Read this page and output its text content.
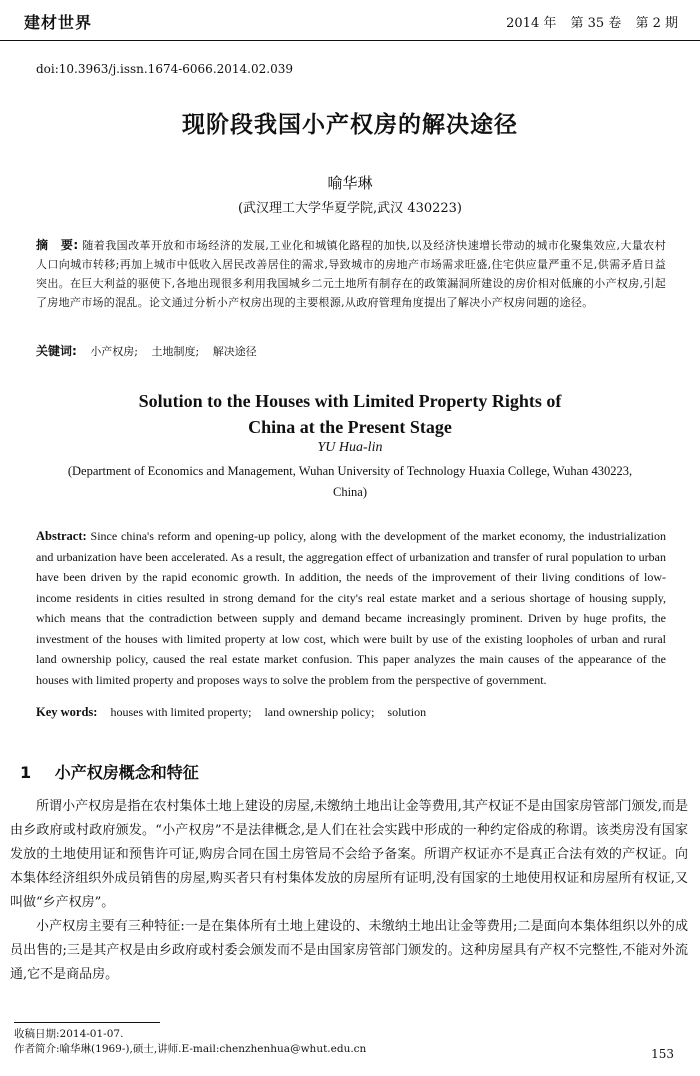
建材世界	2014 年 第 35 卷 第 2 期
doi:10.3963/j.issn.1674-6066.2014.02.039
现阶段我国小产权房的解决途径
喻华琳
(武汉理工大学华夏学院,武汉 430223)
摘　要: 随着我国改革开放和市场经济的发展,工业化和城镇化路程的加快,以及经济快速增长带动的城市化聚集效应,大量农村人口向城市转移;再加上城市中低收入居民改善居住的需求,导致城市的房地产市场需求旺盛,住宅供应量严重不足,供需矛盾日益突出。在巨大利益的驱使下,各地出现很多利用我国城乡二元土地所有制存在的政策漏洞所建设的房价相对低廉的小产权房,引起了房地产市场的混乱。论文通过分析小产权房出现的主要根源,从政府管理角度提出了解决小产权房问题的途径。
关键词: 小产权房; 土地制度; 解决途径
Solution to the Houses with Limited Property Rights of
China at the Present Stage
YU Hua-lin
(Department of Economics and Management, Wuhan University of Technology Huaxia College, Wuhan 430223, China)
Abstract: Since china's reform and opening-up policy, along with the development of the market economy, the industrialization and urbanization have been accelerated. As a result, the aggregation effect of urbanization and transfer of rural population to urban have been driven by the rapid economic growth. In addition, the needs of the improvement of their living conditions of low-income residents in cities resulted in strong demand for the city's real estate market and a serious shortage of housing supply, which means that the contradiction between supply and demand became increasingly prominent. Driven by huge profits, the investment of the houses with limited property at low cost, which were built by use of the existing loopholes of urban and rural land ownership policy, caused the real estate market confusion. This paper analyzes the main causes of the appearance of the houses with limited property and proposes ways to solve the problem from the perspective of government.
Key words: houses with limited property; land ownership policy; solution
1 小产权房概念和特征

所谓小产权房是指在农村集体土地上建设的房屋,未缴纳土地出让金等费用,其产权证不是由国家房管部门颁发,而是由乡政府或村政府颁发。“小产权房”不是法律概念,是人们在社会实践中形成的一种约定俗成的称谓。该类房没有国家发放的土地使用证和预售许可证,购房合同在国土房管局不会给予备案。所谓产权证亦不是真正合法有效的产权证。向本集体经济组织外成员销售的房屋,购买者只有村集体发放的房屋所有证明,没有国家的土地使用权证和房屋所有权证,又叫做“乡产权房”。

小产权房主要有三种特征:一是在集体所有土地上建设的、未缴纳土地出让金等费用;二是面向本集体组织以外的成员出售的;三是其产权是由乡政府或村委会颁发而不是由国家房管部门颁发的。这种房屋具有产权不完整性,不能对外流通,它不是商品房。

收稿日期:2014-01-07.
作者简介:喻华琳(1969-),硕士,讲师.E-mail:chenzhenhua@whut.edu.cn	153
